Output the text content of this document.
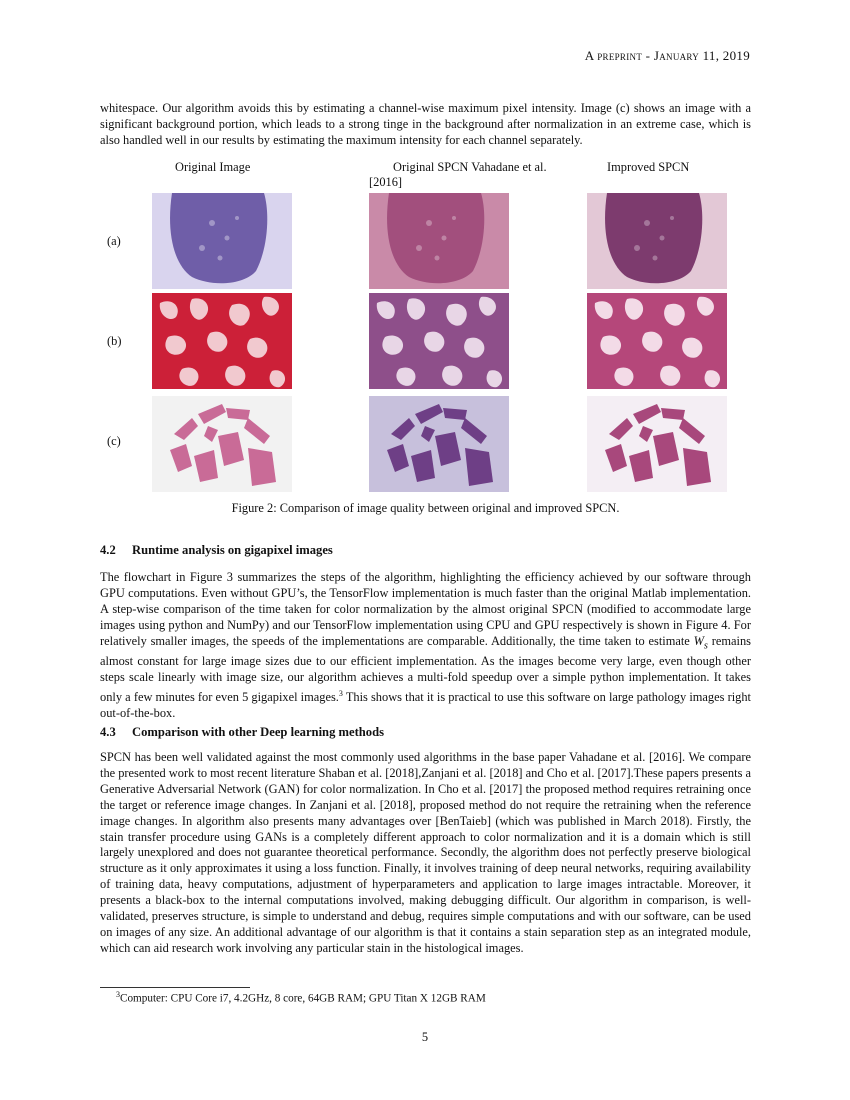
A preprint - January 11, 2019

whitespace. Our algorithm avoids this by estimating a channel-wise maximum pixel intensity. Image (c) shows an image with a significant background portion, which leads to a strong tinge in the background after normalization in an extreme case, which is also handled well in our results by estimating the maximum intensity for each channel separately.

Original Image	Original SPCN Vahadane et al. [2016]
Improved SPCN
(a)
(b)
(c)
Figure 2: Comparison of image quality between original and improved SPCN.
4.2 Runtime analysis on gigapixel images

The flowchart in Figure 3 summarizes the steps of the algorithm, highlighting the efficiency achieved by our software through GPU computations. Even without GPU’s, the TensorFlow implementation is much faster than the original Matlab implementation. A step-wise comparison of the time taken for color normalization by the almost original SPCN (modified to accommodate large images using python and NumPy) and our TensorFlow implementation using CPU and GPU respectively is shown in Figure 4. For relatively smaller images, the speeds of the implementations are comparable. Additionally, the time taken to estimate $W_s$ remains almost constant for large image sizes due to our efficient implementation. As the images become very large, even though other steps scale linearly with image size, our algorithm achieves a multi-fold speedup over a simple python implementation. It takes only a few minutes for even 5 gigapixel images.$^3$ This shows that it is practical to use this software on large pathology images right out-of-the-box.

4.3 Comparison with other Deep learning methods

SPCN has been well validated against the most commonly used algorithms in the base paper Vahadane et al. [2016]. We compare the presented work to most recent literature Shaban et al. [2018],Zanjani et al. [2018] and Cho et al. [2017].These papers presents a Generative Adversarial Network (GAN) for color normalization. In Cho et al. [2017] the proposed method requires retraining once the target or reference image changes. In Zanjani et al. [2018], proposed method do not require the retraining when the reference image changes. In algorithm also presents many advantages over [BenTaieb] (which was published in March 2018). Firstly, the stain transfer procedure using GANs is a completely different approach to color normalization and it is a domain which is still largely unexplored and does not guarantee theoretical performance. Secondly, the algorithm does not perfectly preserve biological structure as it only approximates it using a loss function. Finally, it involves training of deep neural networks, requiring availability of training data, heavy computations, adjustment of hyperparameters and application to large images intractable. Moreover, it presents a black-box to the internal computations involved, making debugging difficult. Our algorithm in comparison, is well-validated, preserves structure, is simple to understand and debug, requires simple computations and with our software, can be used on images of any size. An additional advantage of our algorithm is that it contains a stain separation step as an integrated module, which can aid research work involving any particular stain in the histological images.

$^3$Computer: CPU Core i7, 4.2GHz, 8 core, 64GB RAM; GPU Titan X 12GB RAM
5
